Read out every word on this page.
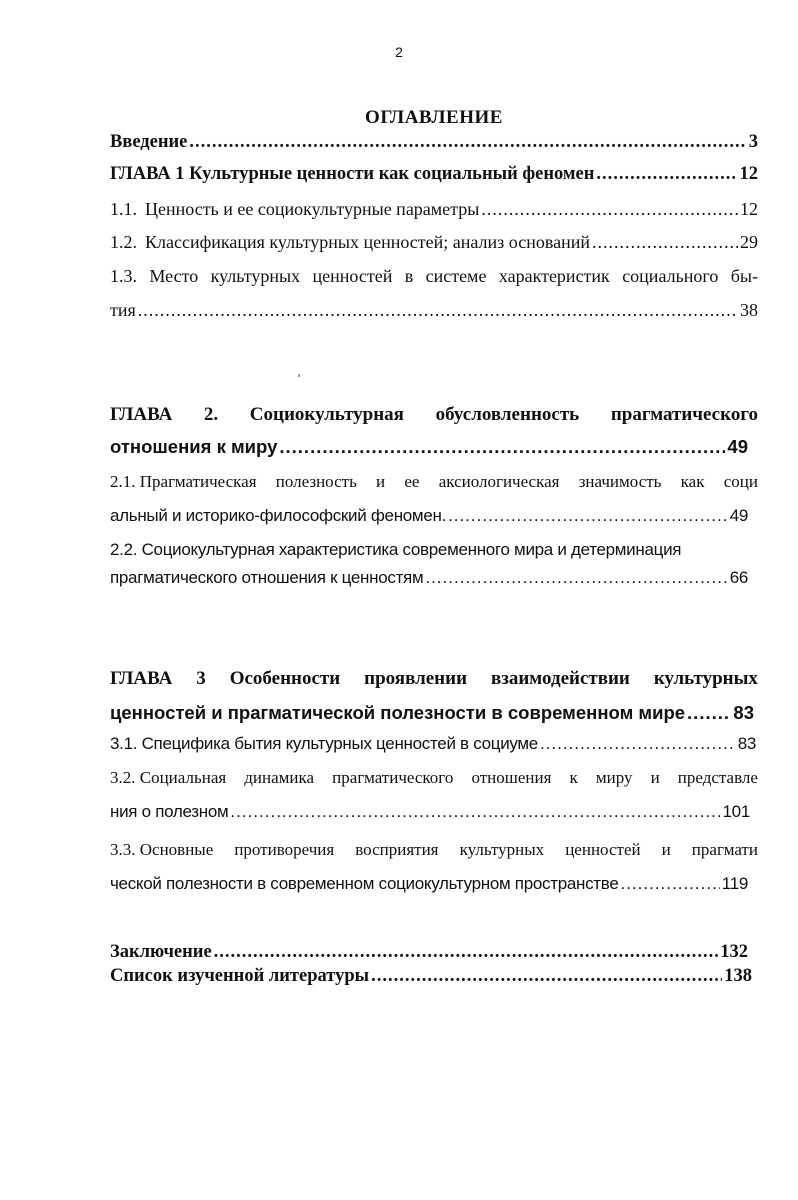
2
ОГЛАВЛЕНИЕ
Введение .....	3
ГЛАВА 1 Культурные ценности как социальный феномен .....	12
1.1. Ценность и ее социокультурные параметры .....	12
1.2. Классификация культурных ценностей; анализ оснований .....	29
1.3. Место культурных ценностей в системе характеристик социального бы-
тия .....	38
ГЛАВА 2. Социокультурная обусловленность прагматического
отношения к миру .....	49
2.1. Прагматическая полезность и ее аксиологическая значимость как соци
альный и историко-философский феномен. .....	49
2.2. Социокультурная характеристика современного мира и детерминация
прагматического отношения к ценностям .....	66
ГЛАВА 3 Особенности проявлении взаимодействии культурных
ценностей и прагматической полезности в современном мире .....	83
3.1. Специфика бытия культурных ценностей в социуме .....	83
3.2. Социальная динамика прагматического отношения к миру и представле
ния о полезном .....	101
3.3. Основные противоречия восприятия культурных ценностей и прагмати
ческой полезности в современном социокультурном пространстве .....	119
Заключение .....	132
Список изученной литературы .....	138
